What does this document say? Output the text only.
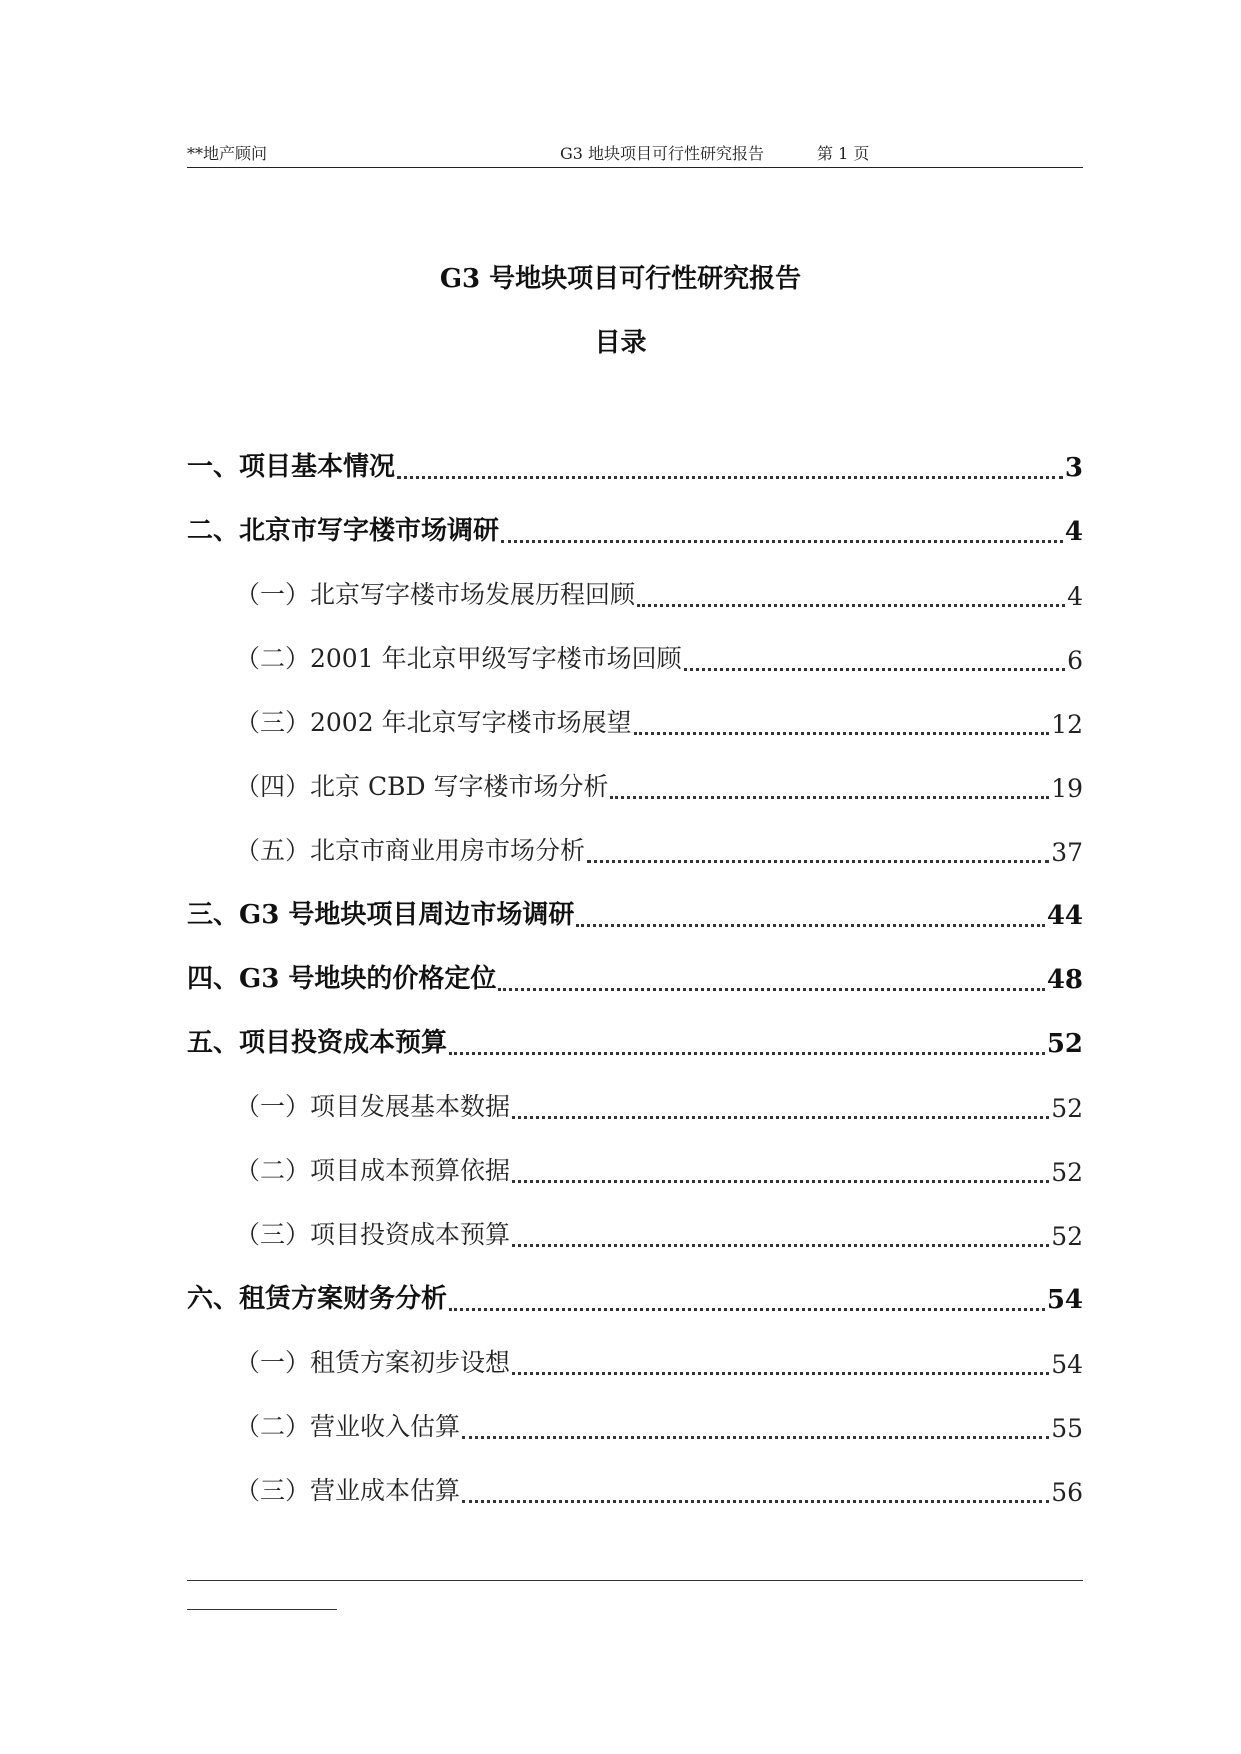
**地产顾问	G3 地块项目可行性研究报告	第 1 页
G3 号地块项目可行性研究报告
目录
一、项目基本情况	3
二、北京市写字楼市场调研	4
（一）北京写字楼市场发展历程回顾	4
（二）2001 年北京甲级写字楼市场回顾	6
（三）2002 年北京写字楼市场展望	12
（四）北京 CBD 写字楼市场分析	19
（五）北京市商业用房市场分析	37
三、G3 号地块项目周边市场调研	44
四、G3 号地块的价格定位	48
五、项目投资成本预算	52
（一）项目发展基本数据	52
（二）项目成本预算依据	52
（三）项目投资成本预算	52
六、租赁方案财务分析	54
（一）租赁方案初步设想	54
（二）营业收入估算	55
（三）营业成本估算	56
